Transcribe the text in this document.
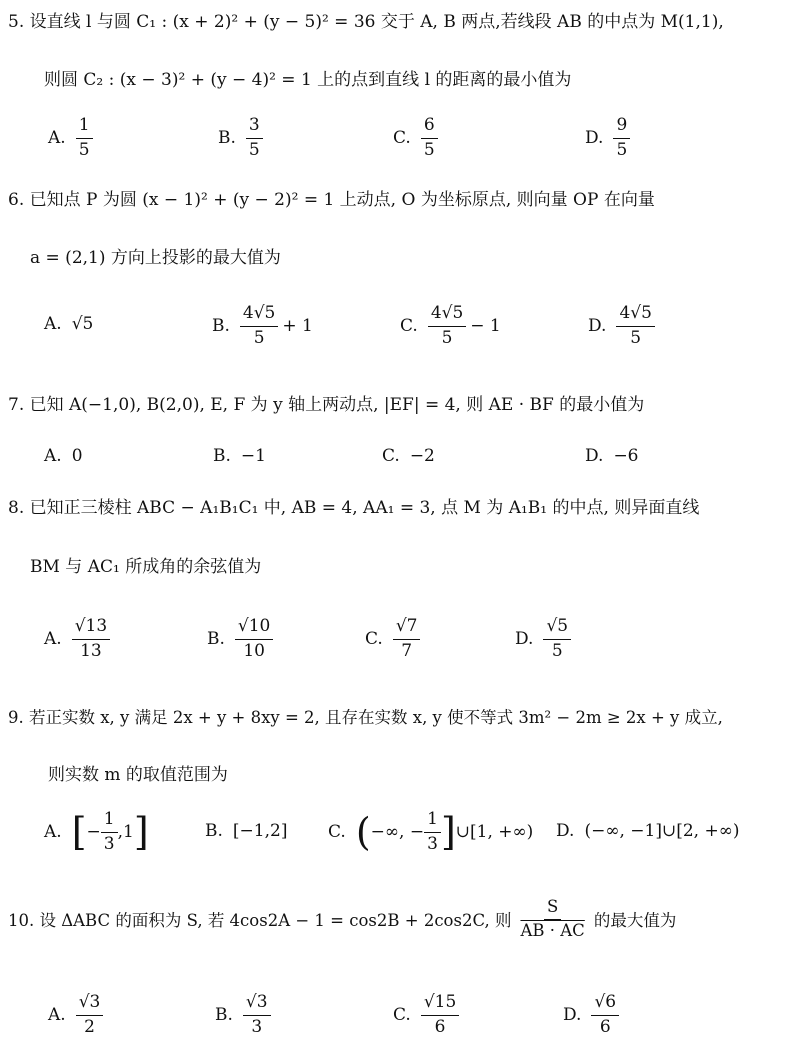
5. 设直线 l 与圆 C₁ : (x + 2)² + (y − 5)² = 36 交于 A, B 两点,若线段 AB 的中点为 M(1,1),
则圆 C₂ : (x − 3)² + (y − 4)² = 1 上的点到直线 l 的距离的最小值为
A. $\frac{1}{5}$	B. $\frac{3}{5}$	C. $\frac{6}{5}$	D. $\frac{9}{5}$
6. 已知点 P 为圆 (x − 1)² + (y − 2)² = 1 上动点, O 为坐标原点, 则向量 OP 在向量
a = (2,1) 方向上投影的最大值为
A. √5	B. $\frac{4√5}{5} + 1$	C. $\frac{4√5}{5} - 1$	D. $\frac{4√5}{5}$
7. 已知 A(−1,0), B(2,0), E, F 为 y 轴上两动点, |EF| = 4, 则 AE · BF 的最小值为
A. 0	B. −1	C. −2	D. −6
8. 已知正三棱柱 ABC − A₁B₁C₁ 中, AB = 4, AA₁ = 3, 点 M 为 A₁B₁ 的中点, 则异面直线
BM 与 AC₁ 所成角的余弦值为
A. $\frac{√13}{13}$	B. $\frac{√10}{10}$	C. $\frac{√7}{7}$	D. $\frac{√5}{5}$
9. 若正实数 x, y 满足 2x + y + 8xy = 2, 且存在实数 x, y 使不等式 3m² − 2m ≥ 2x + y 成立,
则实数 m 的取值范围为
A. [ − $\frac{1}{3} ,1$ ]	B. [−1,2] C. ( −∞, − $\frac{1}{3}$ ] ∪[1, +∞) D. (−∞, −1]∪[2, +∞)
10. 设 ΔABC 的面积为 S, 若 4cos2A − 1 = cos2B + 2cos2C, 则 $\frac{S}{AB \cdot AC}$ 的最大值为
A. $\frac{√3}{2}$	B. $\frac{√3}{3}$	C. $\frac{√15}{6}$	D. $\frac{√6}{6}$
